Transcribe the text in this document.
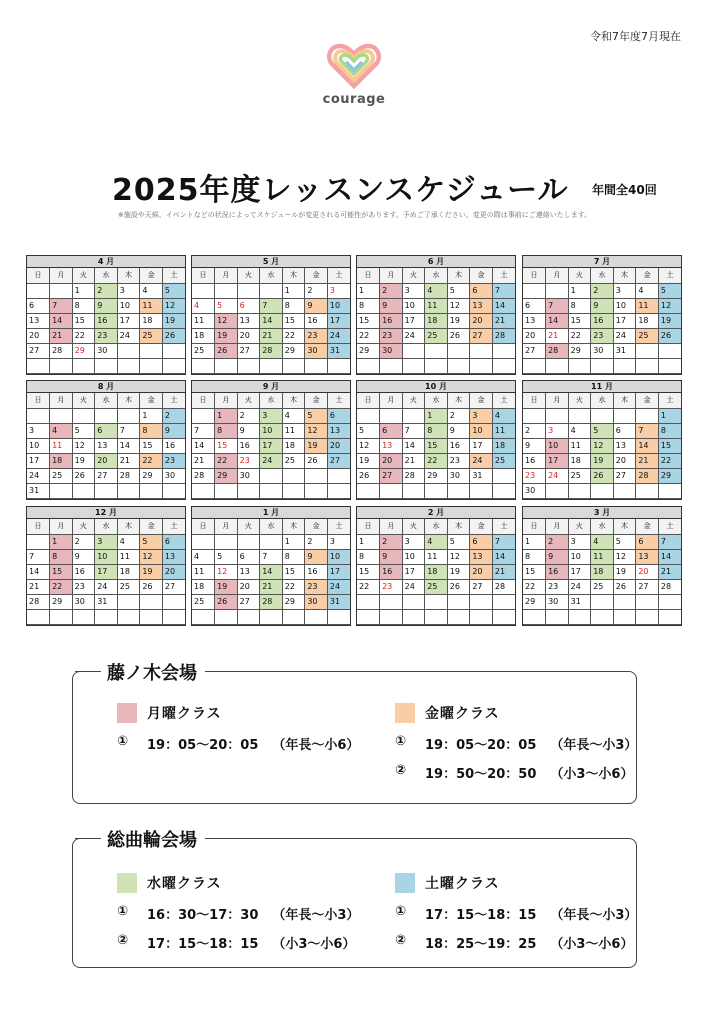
令和7年度7月現在
courage
2025年度レッスンスケジュール 年間全40回
※施設や天候、イベントなどの状況によってスケジュールが変更される可能性があります。予めご了承ください。変更の際は事前にご連絡いたします。
4 月
日	月	火	水	木	金	土
		1	2	3	4	5
6	7	8	9	10	11	12
13	14	15	16	17	18	19
20	21	22	23	24	25	26
27	28	29	30			

5 月
日	月	火	水	木	金	土
				1	2	3
4	5	6	7	8	9	10
11	12	13	14	15	16	17
18	19	20	21	22	23	24
25	26	27	28	29	30	31

6 月
日	月	火	水	木	金	土
1	2	3	4	5	6	7
8	9	10	11	12	13	14
15	16	17	18	19	20	21
22	23	24	25	26	27	28
29	30					

7 月
日	月	火	水	木	金	土
		1	2	3	4	5
6	7	8	9	10	11	12
13	14	15	16	17	18	19
20	21	22	23	24	25	26
27	28	29	30	31		

8 月
日	月	火	水	木	金	土
					1	2
3	4	5	6	7	8	9
10	11	12	13	14	15	16
17	18	19	20	21	22	23
24	25	26	27	28	29	30
31						
9 月
日	月	火	水	木	金	土
	1	2	3	4	5	6
7	8	9	10	11	12	13
14	15	16	17	18	19	20
21	22	23	24	25	26	27
28	29	30				

10 月
日	月	火	水	木	金	土
			1	2	3	4
5	6	7	8	9	10	11
12	13	14	15	16	17	18
19	20	21	22	23	24	25
26	27	28	29	30	31	

11 月
日	月	火	水	木	金	土
						1
2	3	4	5	6	7	8
9	10	11	12	13	14	15
16	17	18	19	20	21	22
23	24	25	26	27	28	29
30						
12 月
日	月	火	水	木	金	土
	1	2	3	4	5	6
7	8	9	10	11	12	13
14	15	16	17	18	19	20
21	22	23	24	25	26	27
28	29	30	31			

1 月
日	月	火	水	木	金	土
				1	2	3
4	5	6	7	8	9	10
11	12	13	14	15	16	17
18	19	20	21	22	23	24
25	26	27	28	29	30	31

2 月
日	月	火	水	木	金	土
1	2	3	4	5	6	7
8	9	10	11	12	13	14
15	16	17	18	19	20	21
22	23	24	25	26	27	28

3 月
日	月	火	水	木	金	土
1	2	3	4	5	6	7
8	9	10	11	12	13	14
15	16	17	18	19	20	21
22	23	24	25	26	27	28
29	30	31				

藤ノ木会場
月曜クラス
①	19：05〜20：05 （年長〜小6）
金曜クラス
①	19：05〜20：05 （年長〜小3）
②	19：50〜20：50 （小3〜小6）
総曲輪会場
水曜クラス
①	16：30〜17：30 （年長〜小3）
②	17：15〜18：15 （小3〜小6）
土曜クラス
①	17：15〜18：15 （年長〜小3）
②	18：25〜19：25 （小3〜小6）
